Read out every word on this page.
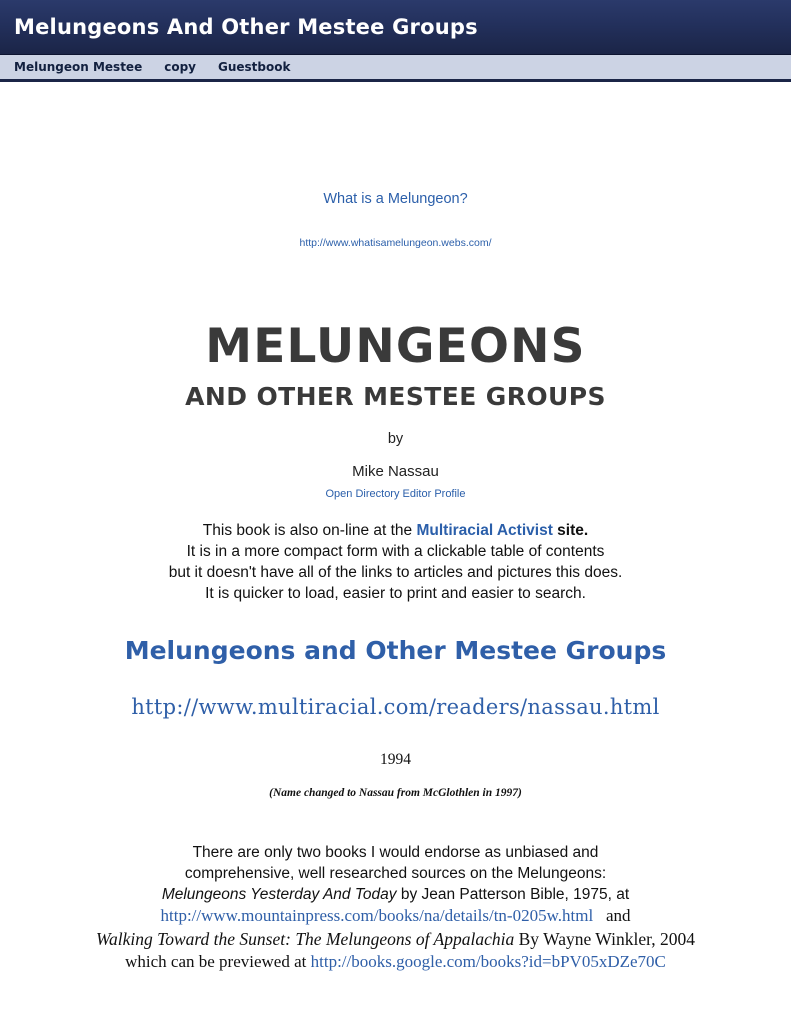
Melungeons And Other Mestee Groups
Melungeon Mestee copy Guestbook
What is a Melungeon?
http://www.whatisamelungeon.webs.com/
MELUNGEONS
AND OTHER MESTEE GROUPS
by
Mike Nassau
Open Directory Editor Profile
This book is also on-line at the Multiracial Activist site.
It is in a more compact form with a clickable table of contents
but it doesn't have all of the links to articles and pictures this does.
It is quicker to load, easier to print and easier to search.
Melungeons and Other Mestee Groups
http://www.multiracial.com/readers/nassau.html
1994
(Name changed to Nassau from McGlothlen in 1997)
There are only two books I would endorse as unbiased and
comprehensive, well researched sources on the Melungeons:
Melungeons Yesterday And Today by Jean Patterson Bible, 1975, at
http://www.mountainpress.com/books/na/details/tn-0205w.html and
Walking Toward the Sunset: The Melungeons of Appalachia By Wayne Winkler, 2004
which can be previewed at http://books.google.com/books?id=bPV05xDZe70C
